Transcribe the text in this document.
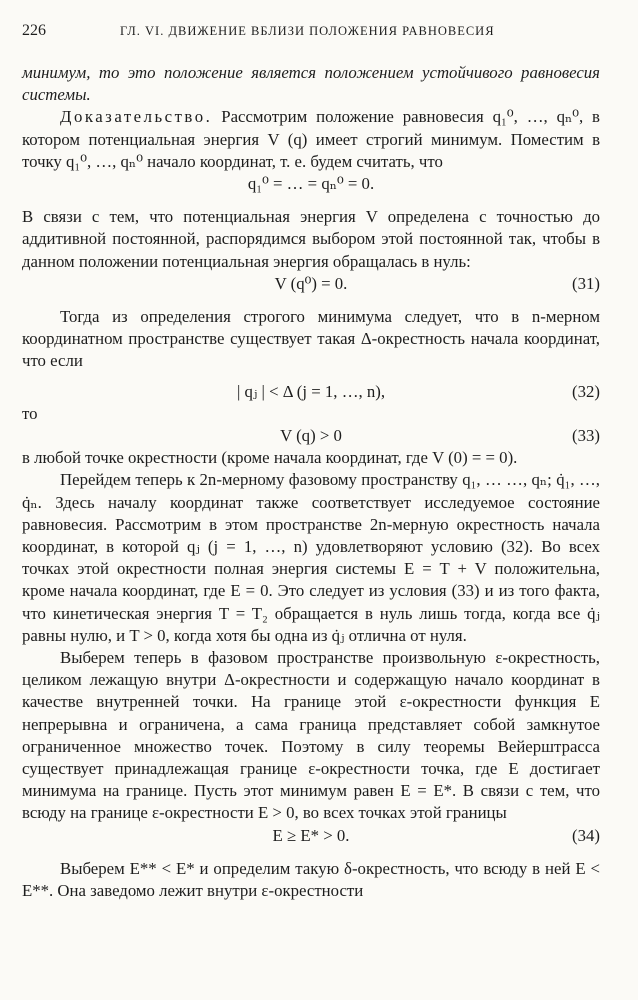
226	ГЛ. VI. ДВИЖЕНИЕ ВБЛИЗИ ПОЛОЖЕНИЯ РАВНОВЕСИЯ

минимум, то это положение является положением устойчивого равновесия системы.

Доказательство. Рассмотрим положение равновесия q₁⁰, …, qₙ⁰, в котором потенциальная энергия V (q) имеет строгий минимум. Поместим в точку q₁⁰, …, qₙ⁰ начало координат, т. е. будем считать, что

q₁⁰ = … = qₙ⁰ = 0.

В связи с тем, что потенциальная энергия V определена с точностью до аддитивной постоянной, распорядимся выбором этой постоянной так, чтобы в данном положении потенциальная энергия обращалась в нуль:

V (q⁰) = 0.	(31)

Тогда из определения строгого минимума следует, что в n-мерном координатном пространстве существует такая Δ-окрестность начала координат, что если

| qⱼ | < Δ (j = 1, …, n),	(32)
то
V (q) > 0	(33)

в любой точке окрестности (кроме начала координат, где V (0) = = 0).

Перейдем теперь к 2n-мерному фазовому пространству q₁, … …, qₙ; q̇₁, …, q̇ₙ. Здесь началу координат также соответствует исследуемое состояние равновесия. Рассмотрим в этом пространстве 2n-мерную окрестность начала координат, в которой qⱼ (j = 1, …, n) удовлетворяют условию (32). Во всех точках этой окрестности полная энергия системы E = T + V положительна, кроме начала координат, где E = 0. Это следует из условия (33) и из того факта, что кинетическая энергия T = T₂ обращается в нуль лишь тогда, когда все q̇ⱼ равны нулю, и T > 0, когда хотя бы одна из q̇ⱼ отлична от нуля.

Выберем теперь в фазовом пространстве произвольную ε-окрестность, целиком лежащую внутри Δ-окрестности и содержащую начало координат в качестве внутренней точки. На границе этой ε-окрестности функция E непрерывна и ограничена, а сама граница представляет собой замкнутое ограниченное множество точек. Поэтому в силу теоремы Вейерштрасса существует принадлежащая границе ε-окрестности точка, где E достигает минимума на границе. Пусть этот минимум равен E = E*. В связи с тем, что всюду на границе ε-окрестности E > 0, во всех точках этой границы

E ≥ E* > 0.	(34)

Выберем E** < E* и определим такую δ-окрестность, что всюду в ней E < E**. Она заведомо лежит внутри ε-окрестности
